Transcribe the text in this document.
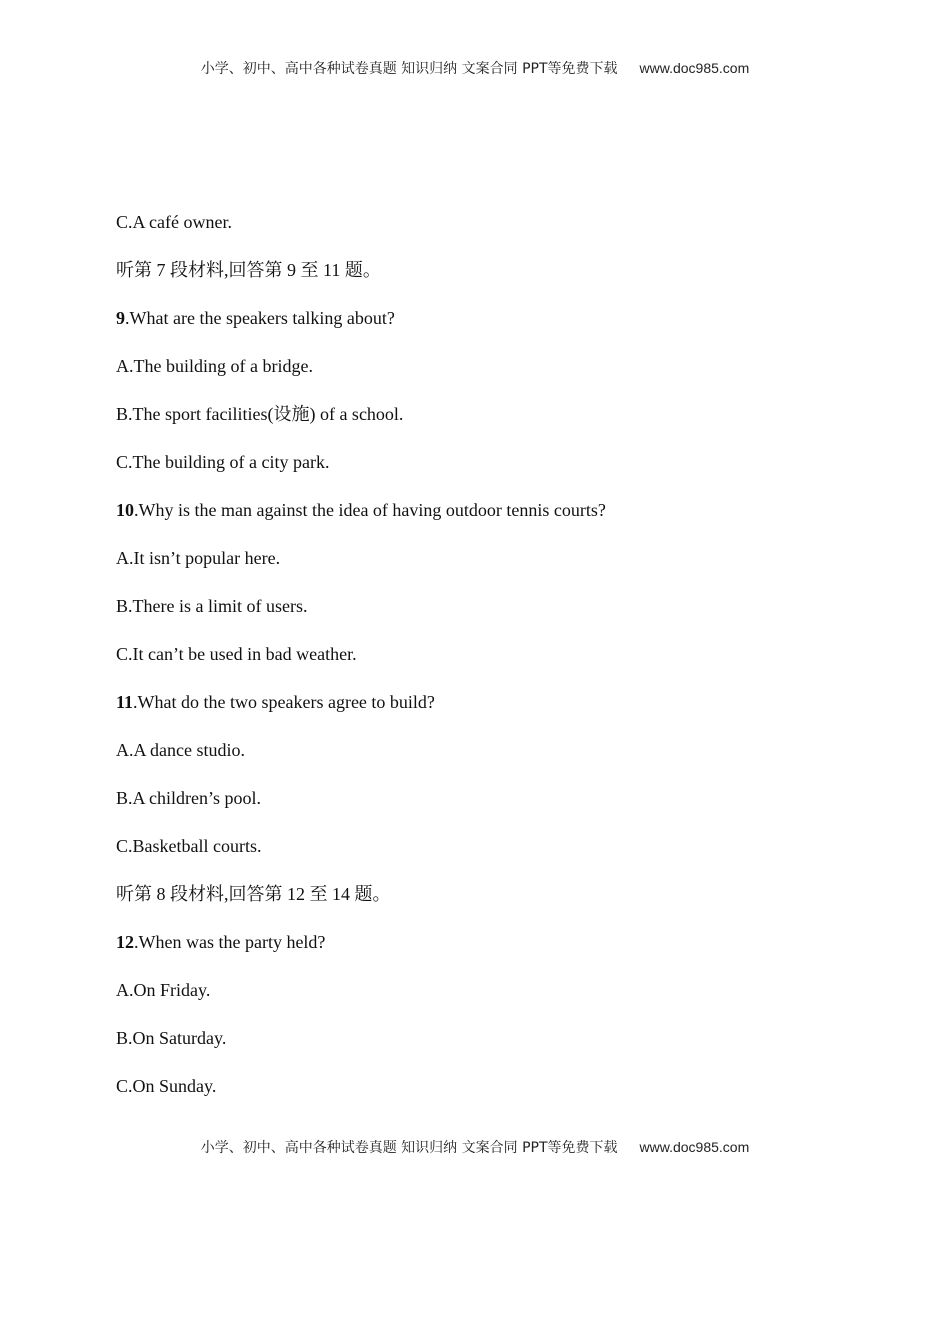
小学、初中、高中各种试卷真题 知识归纳 文案合同 PPT等免费下载 www.doc985.com
C.A café owner.
听第 7 段材料,回答第 9 至 11 题。
9.What are the speakers talking about?
A.The building of a bridge.
B.The sport facilities(设施) of a school.
C.The building of a city park.
10.Why is the man against the idea of having outdoor tennis courts?
A.It isn’t popular here.
B.There is a limit of users.
C.It can’t be used in bad weather.
11.What do the two speakers agree to build?
A.A dance studio.
B.A children’s pool.
C.Basketball courts.
听第 8 段材料,回答第 12 至 14 题。
12.When was the party held?
A.On Friday.
B.On Saturday.
C.On Sunday.
小学、初中、高中各种试卷真题 知识归纳 文案合同 PPT等免费下载 www.doc985.com
